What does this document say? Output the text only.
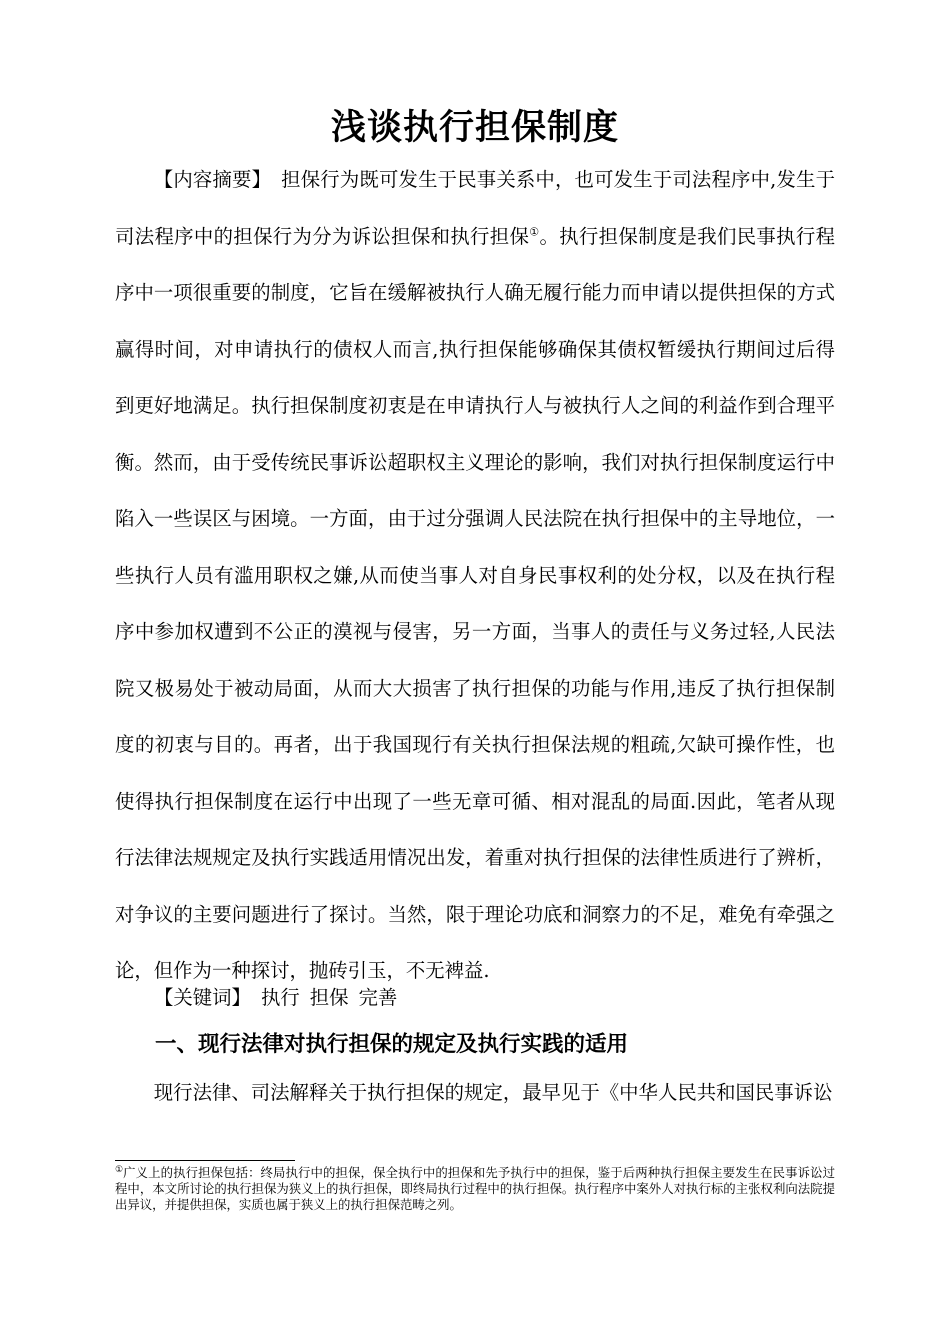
浅谈执行担保制度

【内容摘要】 担保行为既可发生于民事关系中，也可发生于司法程序中,发生于司法程序中的担保行为分为诉讼担保和执行担保①。执行担保制度是我们民事执行程序中一项很重要的制度，它旨在缓解被执行人确无履行能力而申请以提供担保的方式赢得时间，对申请执行的债权人而言,执行担保能够确保其债权暂缓执行期间过后得到更好地满足。执行担保制度初衷是在申请执行人与被执行人之间的利益作到合理平衡。然而，由于受传统民事诉讼超职权主义理论的影响，我们对执行担保制度运行中陷入一些误区与困境。一方面，由于过分强调人民法院在执行担保中的主导地位，一些执行人员有滥用职权之嫌,从而使当事人对自身民事权利的处分权，以及在执行程序中参加权遭到不公正的漠视与侵害，另一方面，当事人的责任与义务过轻,人民法院又极易处于被动局面，从而大大损害了执行担保的功能与作用,违反了执行担保制度的初衷与目的。再者，出于我国现行有关执行担保法规的粗疏,欠缺可操作性，也使得执行担保制度在运行中出现了一些无章可循、相对混乱的局面.因此，笔者从现行法律法规规定及执行实践适用情况出发，着重对执行担保的法律性质进行了辨析，对争议的主要问题进行了探讨。当然，限于理论功底和洞察力的不足，难免有牵强之论，但作为一种探讨，抛砖引玉，不无裨益.

【关键词】 执行 担保 完善

一、现行法律对执行担保的规定及执行实践的适用

现行法律、司法解释关于执行担保的规定，最早见于《中华人民共和国民事诉讼

①广义上的执行担保包括：终局执行中的担保，保全执行中的担保和先予执行中的担保，鉴于后两种执行担保主要发生在民事诉讼过程中，本文所讨论的执行担保为狭义上的执行担保，即终局执行过程中的执行担保。执行程序中案外人对执行标的主张权利向法院提出异议，并提供担保，实质也属于狭义上的执行担保范畴之列。
